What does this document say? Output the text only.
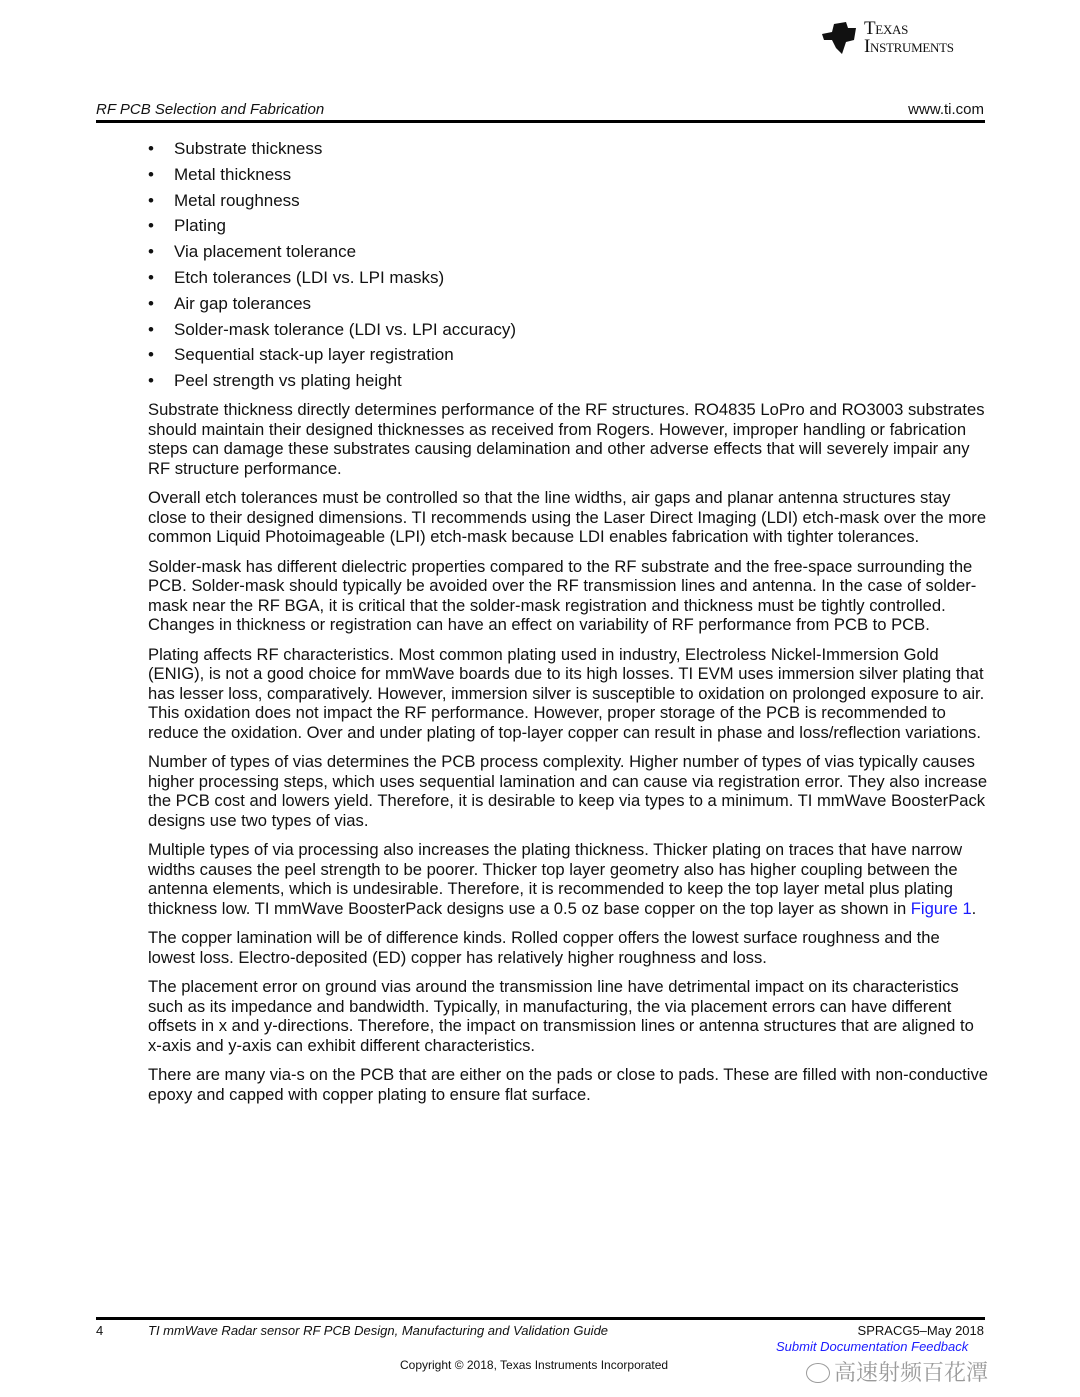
Texas
Instruments
RF PCB Selection and Fabrication	www.ti.com
• Substrate thickness
• Metal thickness
• Metal roughness
• Plating
• Via placement tolerance
• Etch tolerances (LDI vs. LPI masks)
• Air gap tolerances
• Solder-mask tolerance (LDI vs. LPI accuracy)
• Sequential stack-up layer registration
• Peel strength vs plating height

Substrate thickness directly determines performance of the RF structures. RO4835 LoPro and RO3003 substrates should maintain their designed thicknesses as received from Rogers. However, improper handling or fabrication steps can damage these substrates causing delamination and other adverse effects that will severely impair any RF structure performance.

Overall etch tolerances must be controlled so that the line widths, air gaps and planar antenna structures stay close to their designed dimensions. TI recommends using the Laser Direct Imaging (LDI) etch-mask over the more common Liquid Photoimageable (LPI) etch-mask because LDI enables fabrication with tighter tolerances.

Solder-mask has different dielectric properties compared to the RF substrate and the free-space surrounding the PCB. Solder-mask should typically be avoided over the RF transmission lines and antenna. In the case of solder-mask near the RF BGA, it is critical that the solder-mask registration and thickness must be tightly controlled. Changes in thickness or registration can have an effect on variability of RF performance from PCB to PCB.

Plating affects RF characteristics. Most common plating used in industry, Electroless Nickel-Immersion Gold (ENIG), is not a good choice for mmWave boards due to its high losses. TI EVM uses immersion silver plating that has lesser loss, comparatively. However, immersion silver is susceptible to oxidation on prolonged exposure to air. This oxidation does not impact the RF performance. However, proper storage of the PCB is recommended to reduce the oxidation. Over and under plating of top-layer copper can result in phase and loss/reflection variations.

Number of types of vias determines the PCB process complexity. Higher number of types of vias typically causes higher processing steps, which uses sequential lamination and can cause via registration error. They also increase the PCB cost and lowers yield. Therefore, it is desirable to keep via types to a minimum. TI mmWave BoosterPack designs use two types of vias.

Multiple types of via processing also increases the plating thickness. Thicker plating on traces that have narrow widths causes the peel strength to be poorer. Thicker top layer geometry also has higher coupling between the antenna elements, which is undesirable. Therefore, it is recommended to keep the top layer metal plus plating thickness low. TI mmWave BoosterPack designs use a 0.5 oz base copper on the top layer as shown in Figure 1.

The copper lamination will be of difference kinds. Rolled copper offers the lowest surface roughness and the lowest loss. Electro-deposited (ED) copper has relatively higher roughness and loss.

The placement error on ground vias around the transmission line have detrimental impact on its characteristics such as its impedance and bandwidth. Typically, in manufacturing, the via placement errors can have different offsets in x and y-directions. Therefore, the impact on transmission lines or antenna structures that are aligned to x-axis and y-axis can exhibit different characteristics.

There are many via-s on the PCB that are either on the pads or close to pads. These are filled with non-conductive epoxy and capped with copper plating to ensure flat surface.

4	TI mmWave Radar sensor RF PCB Design, Manufacturing and Validation Guide
Copyright © 2018, Texas Instruments Incorporated
SPRACG5–May 2018
Submit Documentation Feedback
高速射频百花潭
